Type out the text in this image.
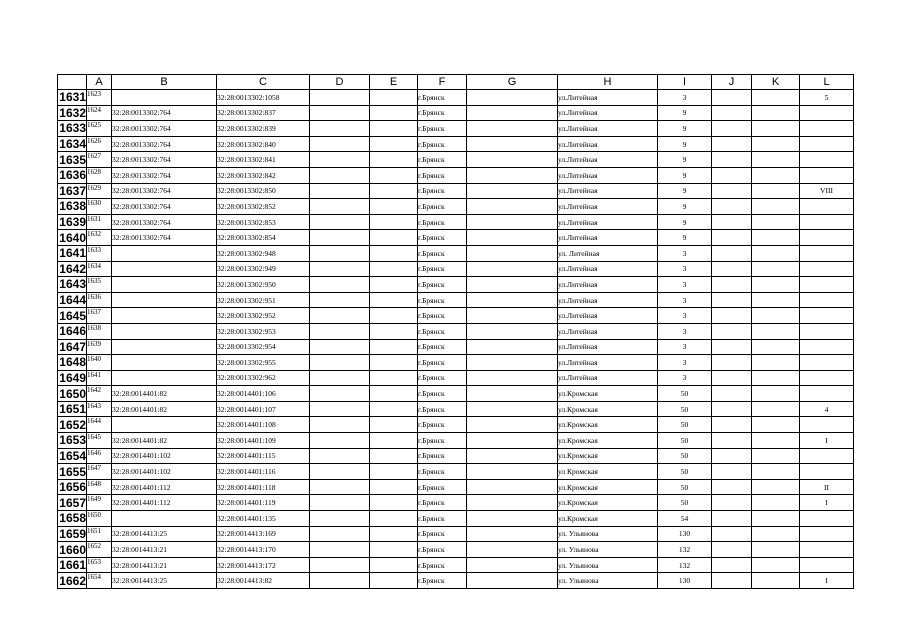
	A	B	C	D	E	F	G	H	I	J	K	L
1631	1623		32:28:0013302:1058			г.Брянск		ул.Литейная	3			5
1632	1624	32:28:0013302:764	32:28:0013302:837			г.Брянск		ул.Литейная	9			
1633	1625	32:28:0013302:764	32:28:0013302:839			г.Брянск		ул.Литейная	9			
1634	1626	32:28:0013302:764	32:28:0013302:840			г.Брянск		ул.Литейная	9			
1635	1627	32:28:0013302:764	32:28:0013302:841			г.Брянск		ул.Литейная	9			
1636	1628	32:28:0013302:764	32:28:0013302:842			г.Брянск		ул.Литейная	9			
1637	1629	32:28:0013302:764	32:28:0013302:850			г.Брянск		ул.Литейная	9			VIII
1638	1630	32:28:0013302:764	32:28:0013302:852			г.Брянск		ул.Литейная	9			
1639	1631	32:28:0013302:764	32:28:0013302:853			г.Брянск		ул.Литейная	9			
1640	1632	32:28:0013302:764	32:28:0013302:854			г.Брянск		ул.Литейная	9			
1641	1633		32:28:0013302:948			г.Брянск		ул. Литейная	3			
1642	1634		32:28:0013302:949			г.Брянск		ул.Литейная	3			
1643	1635		32:28:0013302:950			г.Брянск		ул.Литейная	3			
1644	1636		32:28:0013302:951			г.Брянск		ул.Литейная	3			
1645	1637		32:28:0013302:952			г.Брянск		ул.Литейная	3			
1646	1638		32:28:0013302:953			г.Брянск		ул.Литейная	3			
1647	1639		32:28:0013302:954			г.Брянск		ул.Литейная	3			
1648	1640		32:28:0013302:955			г.Брянск		ул.Литейная	3			
1649	1641		32:28:0013302:962			г.Брянск		ул.Литейная	3			
1650	1642	32:28:0014401:82	32:28:0014401:106			г.Брянск		ул.Кромская	50			
1651	1643	32:28:0014401:82	32:28:0014401:107			г.Брянск		ул.Кромская	50			4
1652	1644		32:28:0014401:108			г.Брянск		ул.Кромская	50			
1653	1645	32:28:0014401:82	32:28:0014401:109			г.Брянск		ул.Кромская	50			I
1654	1646	32:28:0014401:102	32:28:0014401:115			г.Брянск		ул.Кромская	50			
1655	1647	32:28:0014401:102	32:28:0014401:116			г.Брянск		ул Кромская	50			
1656	1648	32:28:0014401:112	32:28:0014401:118			г.Брянск		ул.Кромская	50			II
1657	1649	32:28:0014401:112	32:28:0014401:119			г.Брянск		ул.Кромская	50			I
1658	1650		32:28:0014401:135			г.Брянск		ул.Кромская	54			
1659	1651	32:28:0014413:25	32:28:0014413:169			г.Брянск		ул. Ульянова	130			
1660	1652	32:28:0014413:21	32:28:0014413:170			г.Брянск		ул. Ульянова	132			
1661	1653	32:28:0014413:21	32:28:0014413:172			г.Брянск		ул. Ульянова	132			
1662	1654	32:28:0014413:25	32:28:0014413:82			г.Брянск		ул. Ульянова	130			I
